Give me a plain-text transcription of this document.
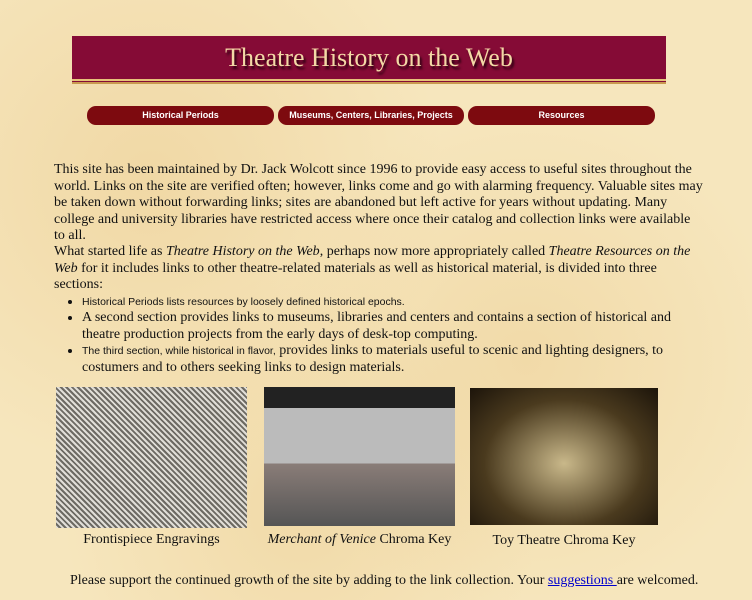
Theatre History on the Web
Historical Periods	Museums, Centers, Libraries, Projects	Resources
This site has been maintained by Dr. Jack Wolcott since 1996 to provide easy access to useful sites throughout the world. Links on the site are verified often; however, links come and go with alarming frequency. Valuable sites may be taken down without forwarding links; sites are abandoned but left active for years without updating. Many college and university libraries have restricted access where once their catalog and collection links were available to all.
What started life as Theatre History on the Web, perhaps now more appropriately called Theatre Resources on the Web for it includes links to other theatre-related materials as well as historical material, is divided into three sections:
• Historical Periods lists resources by loosely defined historical epochs.
• A second section provides links to museums, libraries and centers and contains a section of historical and theatre production projects from the early days of desk-top computing.
• The third section, while historical in flavor, provides links to materials useful to scenic and lighting designers, to costumers and to others seeking links to design materials.
Frontispiece Engravings	Merchant of Venice Chroma Key	Toy Theatre Chroma Key
Please support the continued growth of the site by adding to the link collection. Your suggestions are welcomed.
